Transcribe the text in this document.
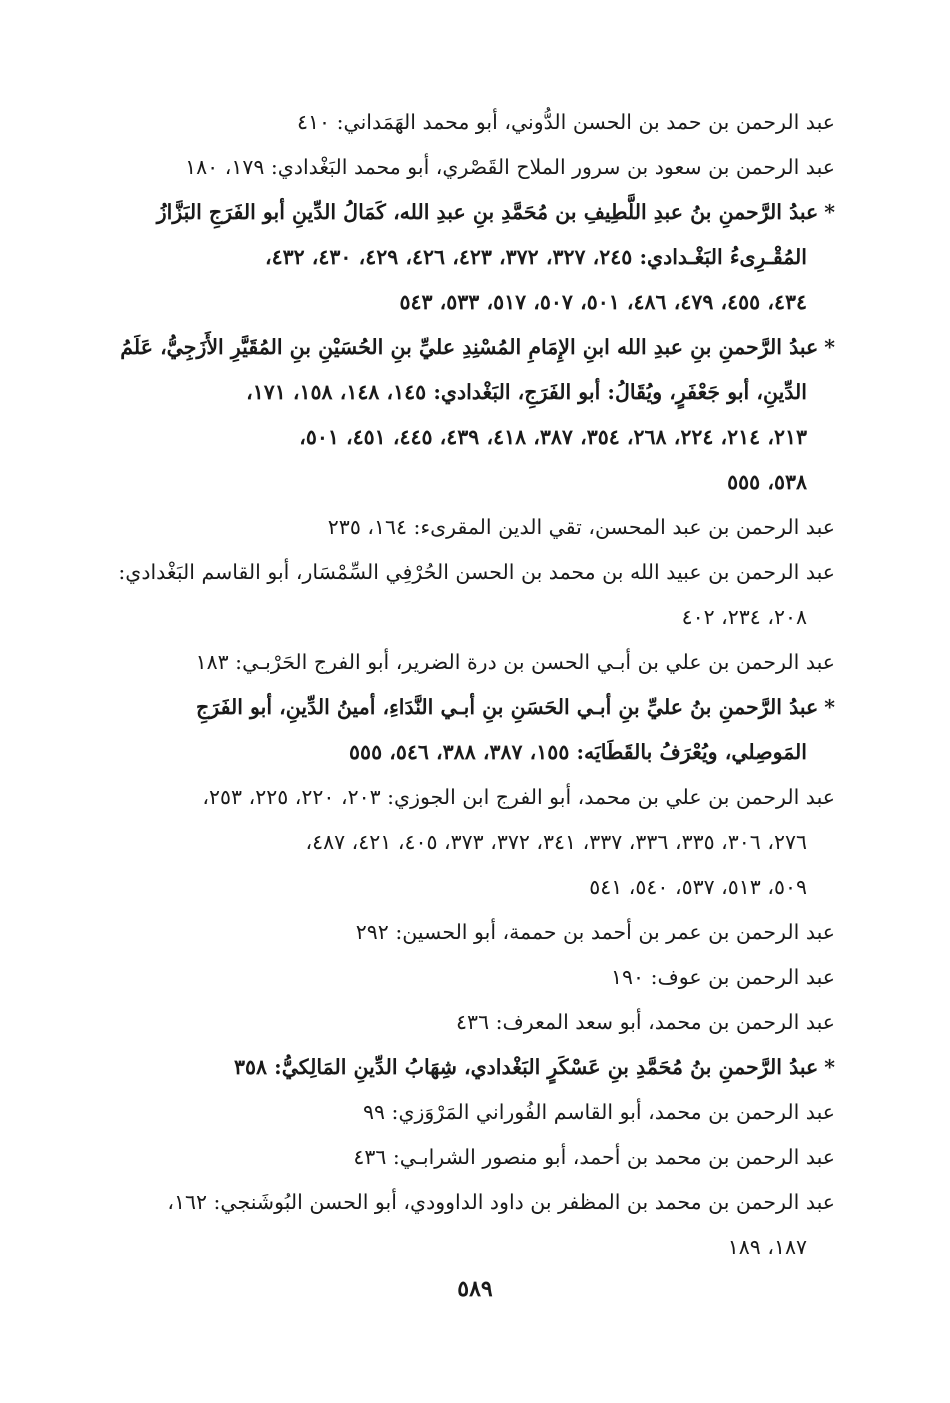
عبد الرحمن بن حمد بن الحسن الدُّوني، أبو محمد الهَمَداني: ٤١٠
عبد الرحمن بن سعود بن سرور الملاح القَصْري، أبو محمد البَغْدادي: ١٧٩، ١٨٠
*عبدُ الرَّحمنِ بنُ عبدِ اللَّطِيفِ بن مُحَمَّدِ بنِ عبدِ الله، كَمَالُ الدِّينِ أبو الفَرَجِ البَزَّازُ
المُقْـرِىءُ البَغْـدادي: ٢٤٥، ٣٢٧، ٣٧٢، ٤٢٣، ٤٢٦، ٤٢٩، ٤٣٠، ٤٣٢،
٤٣٤، ٤٥٥، ٤٧٩، ٤٨٦، ٥٠١، ٥٠٧، ٥١٧، ٥٣٣، ٥٤٣
*عبدُ الرَّحمنِ بنِ عبدِ الله ابنِ الإِمَامِ المُسْنِدِ عليِّ بنِ الحُسَيْنِ بنِ المُقَيَّرِ الأَزَجِيُّ، عَلَمُ
الدِّينِ، أبو جَعْفَرٍ، ويُقَالُ: أبو الفَرَجِ، البَغْدادي: ١٤٥، ١٤٨، ١٥٨، ١٧١،
٢١٣، ٢١٤، ٢٢٤، ٢٦٨، ٣٥٤، ٣٨٧، ٤١٨، ٤٣٩، ٤٤٥، ٤٥١، ٥٠١،
٥٣٨، ٥٥٥
عبد الرحمن بن عبد المحسن، تقي الدين المقرىء: ١٦٤، ٢٣٥
عبد الرحمن بن عبيد الله بن محمد بن الحسن الحُرْفِي السِّمْسَار، أبو القاسم البَغْدادي:
٢٠٨، ٢٣٤، ٤٠٢
عبد الرحمن بن علي بن أبـي الحسن بن درة الضرير، أبو الفرج الحَرْبـي: ١٨٣
*عبدُ الرَّحمنِ بنُ عليِّ بنِ أبـي الحَسَنِ بنِ أبـي النَّدَاءِ، أمينُ الدِّينِ، أبو الفَرَجِ
المَوصِلي، ويُعْرَفُ بالقَطَايَه: ١٥٥، ٣٨٧، ٣٨٨، ٥٤٦، ٥٥٥
عبد الرحمن بن علي بن محمد، أبو الفرج ابن الجوزي: ٢٠٣، ٢٢٠، ٢٢٥، ٢٥٣،
٢٧٦، ٣٠٦، ٣٣٥، ٣٣٦، ٣٣٧، ٣٤١، ٣٧٢، ٣٧٣، ٤٠٥، ٤٢١، ٤٨٧،
٥٠٩، ٥١٣، ٥٣٧، ٥٤٠، ٥٤١
عبد الرحمن بن عمر بن أحمد بن حممة، أبو الحسين: ٢٩٢
عبد الرحمن بن عوف: ١٩٠
عبد الرحمن بن محمد، أبو سعد المعرف: ٤٣٦
*عبدُ الرَّحمنِ بنُ مُحَمَّدِ بنِ عَسْكَرٍ البَغْدادي، شِهَابُ الدِّينِ المَالِكيُّ: ٣٥٨
عبد الرحمن بن محمد، أبو القاسم الفُوراني المَرْوَزي: ٩٩
عبد الرحمن بن محمد بن أحمد، أبو منصور الشرابـي: ٤٣٦
عبد الرحمن بن محمد بن المظفر بن داود الداوودي، أبو الحسن البُوشَنجي: ١٦٢،
١٨٧، ١٨٩
٥٨٩
